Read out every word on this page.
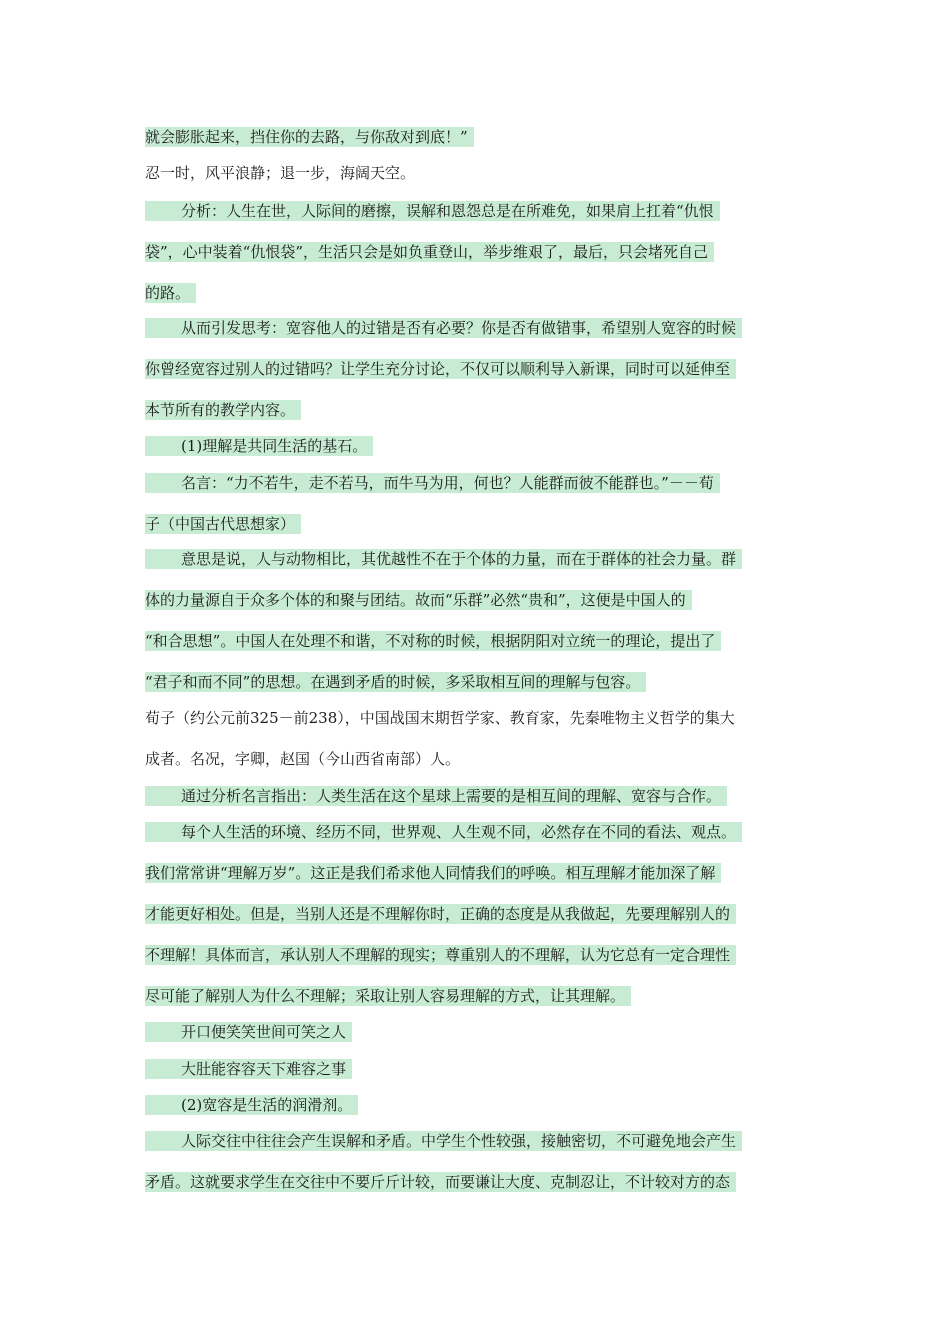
就会膨胀起来，挡住你的去路，与你敌对到底！”
忍一时，风平浪静；退一步，海阔天空。
分析：人生在世，人际间的磨擦，误解和恩怨总是在所难免，如果肩上扛着“仇恨
袋”，心中装着“仇恨袋”，生活只会是如负重登山，举步维艰了，最后，只会堵死自己
的路。
从而引发思考：宽容他人的过错是否有必要？你是否有做错事，希望别人宽容的时候
你曾经宽容过别人的过错吗？让学生充分讨论，不仅可以顺利导入新课，同时可以延伸至
本节所有的教学内容。
(1)理解是共同生活的基石。
名言：“力不若牛，走不若马，而牛马为用，何也？人能群而彼不能群也。”－－荀
子（中国古代思想家）
意思是说，人与动物相比，其优越性不在于个体的力量，而在于群体的社会力量。群
体的力量源自于众多个体的和聚与团结。故而“乐群”必然“贵和”，这便是中国人的
“和合思想”。中国人在处理不和谐，不对称的时候，根据阴阳对立统一的理论，提出了
“君子和而不同”的思想。在遇到矛盾的时候，多采取相互间的理解与包容。
荀子（约公元前325－前238），中国战国末期哲学家、教育家，先秦唯物主义哲学的集大
成者。名况，字卿，赵国（今山西省南部）人。
通过分析名言指出：人类生活在这个星球上需要的是相互间的理解、宽容与合作。
每个人生活的环境、经历不同，世界观、人生观不同，必然存在不同的看法、观点。
我们常常讲“理解万岁”。这正是我们希求他人同情我们的呼唤。相互理解才能加深了解
才能更好相处。但是，当别人还是不理解你时，正确的态度是从我做起，先要理解别人的
不理解！具体而言，承认别人不理解的现实；尊重别人的不理解，认为它总有一定合理性
尽可能了解别人为什么不理解；采取让别人容易理解的方式，让其理解。
开口便笑笑世间可笑之人
大肚能容容天下难容之事
(2)宽容是生活的润滑剂。
人际交往中往往会产生误解和矛盾。中学生个性较强，接触密切，不可避免地会产生
矛盾。这就要求学生在交往中不要斤斤计较，而要谦让大度、克制忍让，不计较对方的态
